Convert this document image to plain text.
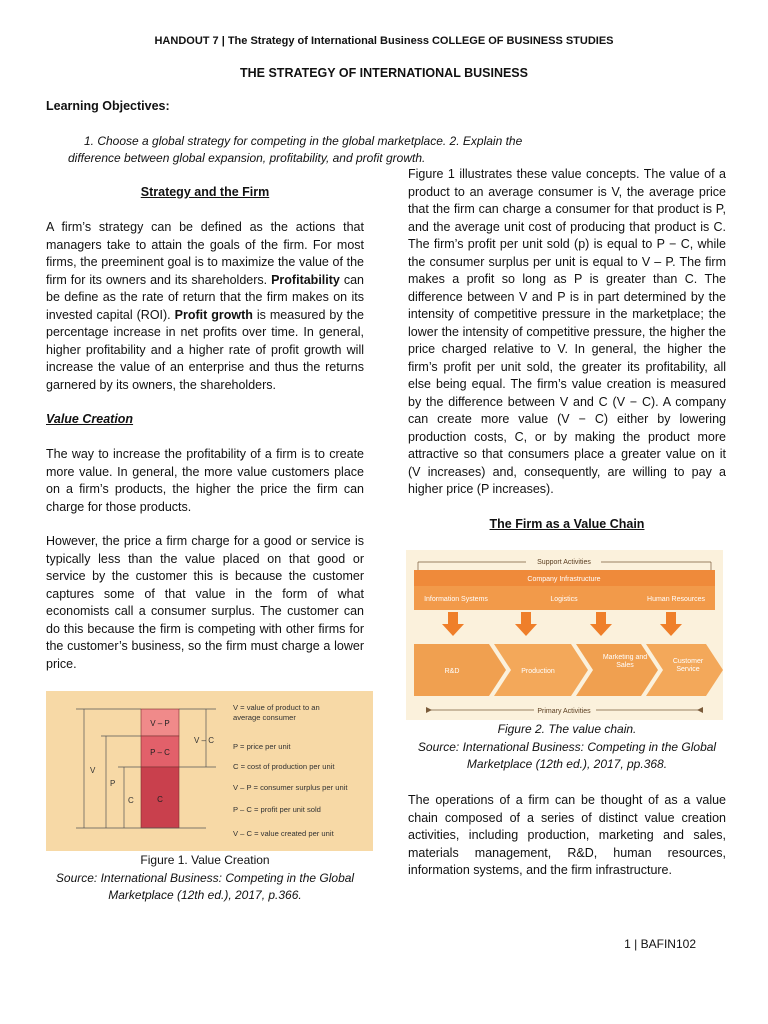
HANDOUT 7 | The Strategy of International Business COLLEGE OF BUSINESS STUDIES
THE STRATEGY OF INTERNATIONAL BUSINESS
Learning Objectives:
1. Choose a global strategy for competing in the global marketplace. 2. Explain the
difference between global expansion, profitability, and profit growth.
Strategy and the Firm

A firm’s strategy can be defined as the actions that managers take to attain the goals of the firm. For most firms, the preeminent goal is to maximize the value of the firm for its owners and its shareholders. Profitability can be define as the rate of return that the firm makes on its invested capital (ROI). Profit growth is measured by the percentage increase in net profits over time. In general, higher profitability and a higher rate of profit growth will increase the value of an enterprise and thus the returns garnered by its owners, the shareholders.

Value Creation
The way to increase the profitability of a firm is to create more value. In general, the more value customers place on a firm’s products, the higher the price the firm can charge for those products.
However, the price a firm charge for a good or service is typically less than the value placed on that good or service by the customer this is because the customer captures some of that value in the form of what economists call a consumer surplus. The customer can do this because the firm is competing with other firms for the customer’s business, so the firm must charge a lower price.
V – P
P – C
C
V
P
C
V – C
V = value of product to an
average consumer
P = price per unit
C = cost of production per unit
V – P = consumer surplus per unit
P – C = profit per unit sold
V – C = value created per unit
Figure 1. Value Creation
Source: International Business: Competing in the Global
Marketplace (12th ed.), 2017, p.366.
Figure 1 illustrates these value concepts. The value of a product to an average consumer is V, the average price that the firm can charge a consumer for that product is P, and the average unit cost of producing that product is C. The firm’s profit per unit sold (p) is equal to P − C, while the consumer surplus per unit is equal to V – P. The firm makes a profit so long as P is greater than C. The difference between V and P is in part determined by the intensity of competitive pressure in the marketplace; the lower the intensity of competitive pressure, the higher the price charged relative to V. In general, the higher the firm’s profit per unit sold, the greater its profitability, all else being equal. The firm’s value creation is measured by the difference between V and C (V − C). A company can create more value (V − C) either by lowering production costs, C, or by making the product more attractive so that consumers place a greater value on it (V increases) and, consequently, are willing to pay a higher price (P increases).
The Firm as a Value Chain
Support Activities
Company Infrastructure
Information Systems	Logistics	Human Resources
R&D	Production
Marketing and Sales
Customer Service
Primary Activities
Figure 2. The value chain.
Source: International Business: Competing in the Global
Marketplace (12th ed.), 2017, pp.368.
The operations of a firm can be thought of as a value chain composed of a series of distinct value creation activities, including production, marketing and sales, materials management, R&D, human resources, information systems, and the firm infrastructure.
1 | BAFIN102
